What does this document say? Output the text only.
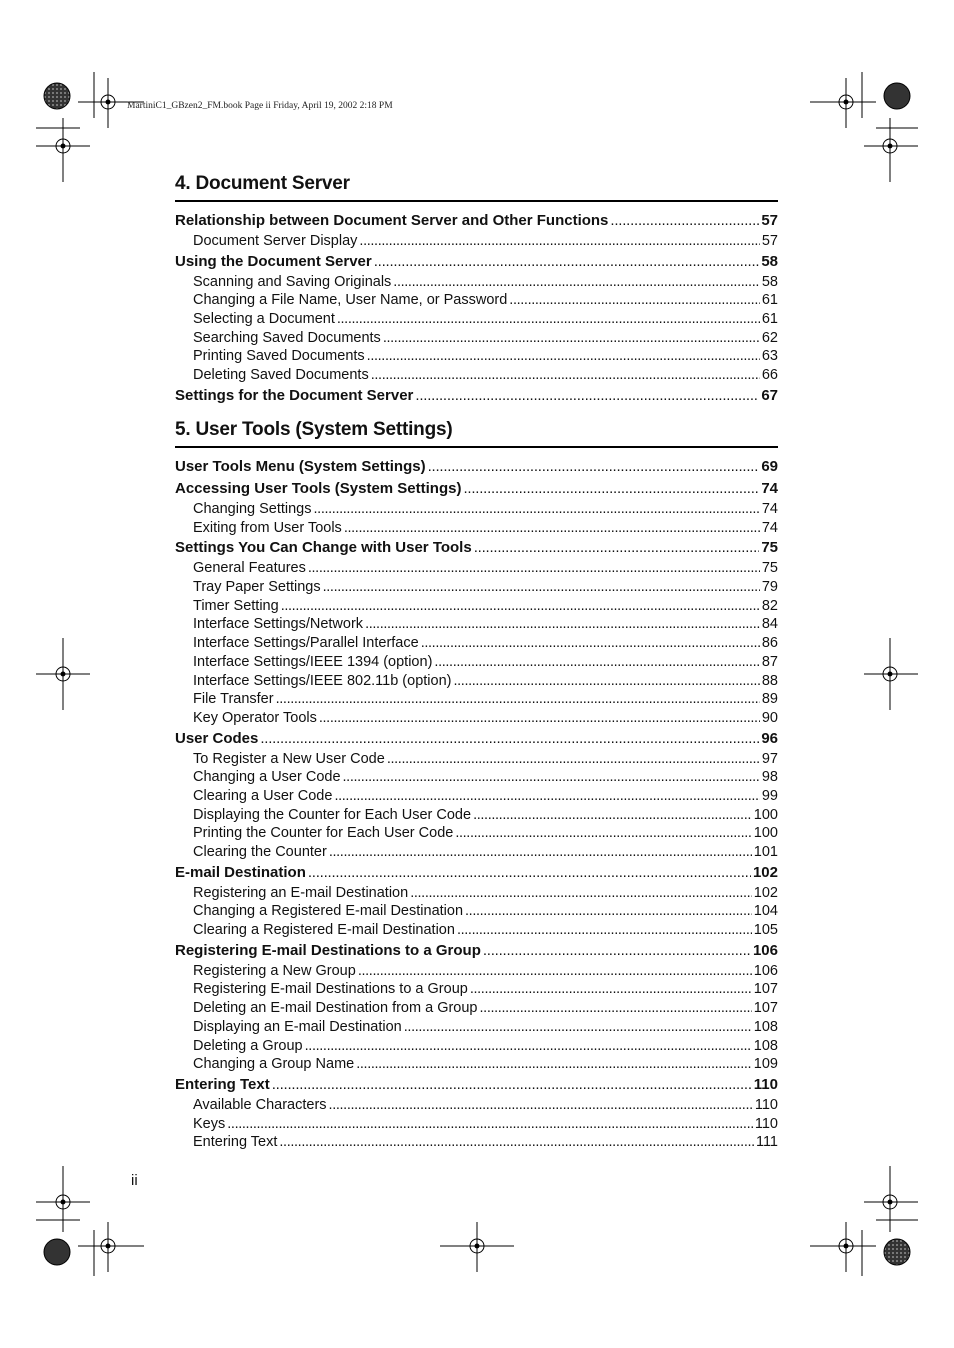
MartiniC1_GBzen2_FM.book Page ii Friday, April 19, 2002 2:18 PM
4. Document Server
Relationship between Document Server and Other Functions . . .	57
Document Server Display . . .	57
Using the Document Server . . .	58
Scanning and Saving Originals . . .	58
Changing a File Name, User Name, or Password . . .	61
Selecting a Document . . .	61
Searching Saved Documents . . .	62
Printing Saved Documents . . .	63
Deleting Saved Documents . . .	66
Settings for the Document Server . . .	67
5. User Tools (System Settings)
User Tools Menu (System Settings) . . .	69
Accessing User Tools (System Settings) . . .	74
Changing Settings . . .	74
Exiting from User Tools . . .	74
Settings You Can Change with User Tools . . .	75
General Features . . .	75
Tray Paper Settings . . .	79
Timer Setting . . .	82
Interface Settings/Network . . .	84
Interface Settings/Parallel Interface . . .	86
Interface Settings/IEEE 1394 (option) . . .	87
Interface Settings/IEEE 802.11b (option) . . .	88
File Transfer . . .	89
Key Operator Tools . . .	90
User Codes . . .	96
To Register a New User Code . . .	97
Changing a User Code . . .	98
Clearing a User Code . . .	99
Displaying the Counter for Each User Code . . .	100
Printing the Counter for Each User Code . . .	100
Clearing the Counter . . .	101
E-mail Destination . . .	102
Registering an E-mail Destination . . .	102
Changing a Registered E-mail Destination . . .	104
Clearing a Registered E-mail Destination . . .	105
Registering E-mail Destinations to a Group . . .	106
Registering a New Group . . .	106
Registering E-mail Destinations to a Group . . .	107
Deleting an E-mail Destination from a Group . . .	107
Displaying an E-mail Destination . . .	108
Deleting a Group . . .	108
Changing a Group Name . . .	109
Entering Text . . .	110
Available Characters . . .	110
Keys . . .	110
Entering Text . . .	111
ii
